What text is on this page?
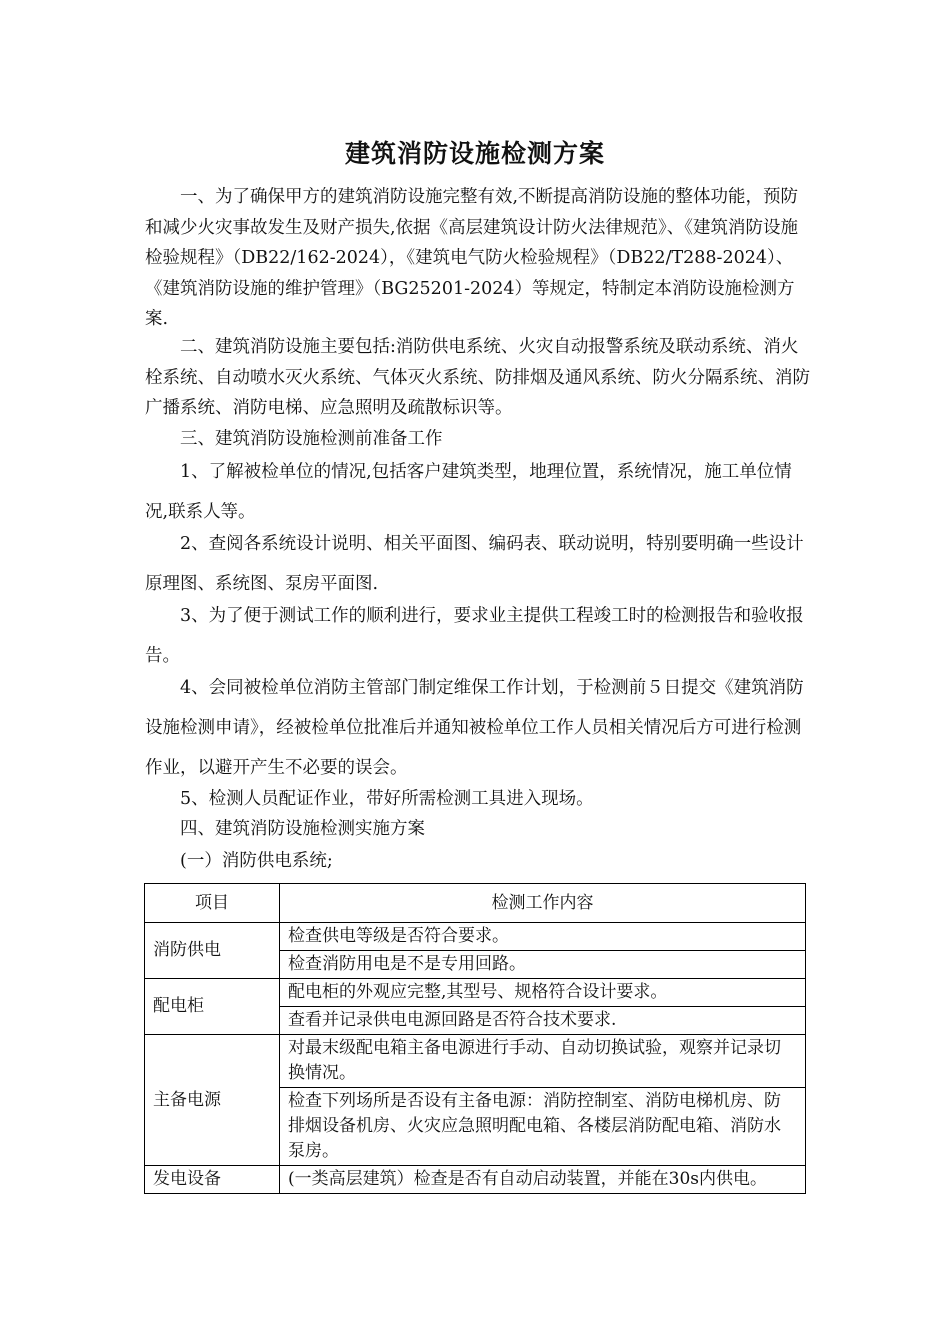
建筑消防设施检测方案
一、为了确保甲方的建筑消防设施完整有效,不断提高消防设施的整体功能，预防和减少火灾事故发生及财产损失,依据《高层建筑设计防火法律规范》、《建筑消防设施检验规程》（DB22/162-2024），《建筑电气防火检验规程》（DB22/T288-2024）、《建筑消防设施的维护管理》（BG25201-2024）等规定，特制定本消防设施检测方案.
二、建筑消防设施主要包括:消防供电系统、火灾自动报警系统及联动系统、消火栓系统、自动喷水灭火系统、气体灭火系统、防排烟及通风系统、防火分隔系统、消防广播系统、消防电梯、应急照明及疏散标识等。
三、建筑消防设施检测前准备工作
1、了解被检单位的情况,包括客户建筑类型，地理位置，系统情况，施工单位情况,联系人等。
2、查阅各系统设计说明、相关平面图、编码表、联动说明，特别要明确一些设计原理图、系统图、泵房平面图.
3、为了便于测试工作的顺利进行，要求业主提供工程竣工时的检测报告和验收报告。
4、会同被检单位消防主管部门制定维保工作计划，于检测前５日提交《建筑消防设施检测申请》，经被检单位批准后并通知被检单位工作人员相关情况后方可进行检测作业，以避开产生不必要的误会。
5、检测人员配证作业，带好所需检测工具进入现场。
四、建筑消防设施检测实施方案
(一）消防供电系统;
项目	检测工作内容
消防供电	检查供电等级是否符合要求。
	检查消防用电是不是专用回路。
配电柜	配电柜的外观应完整,其型号、规格符合设计要求。
	查看并记录供电电源回路是否符合技术要求.
主备电源	对最末级配电箱主备电源进行手动、自动切换试验，观察并记录切换情况。
	检查下列场所是否设有主备电源：消防控制室、消防电梯机房、防排烟设备机房、火灾应急照明配电箱、各楼层消防配电箱、消防水泵房。
发电设备	(一类高层建筑）检查是否有自动启动装置，并能在30s内供电。
